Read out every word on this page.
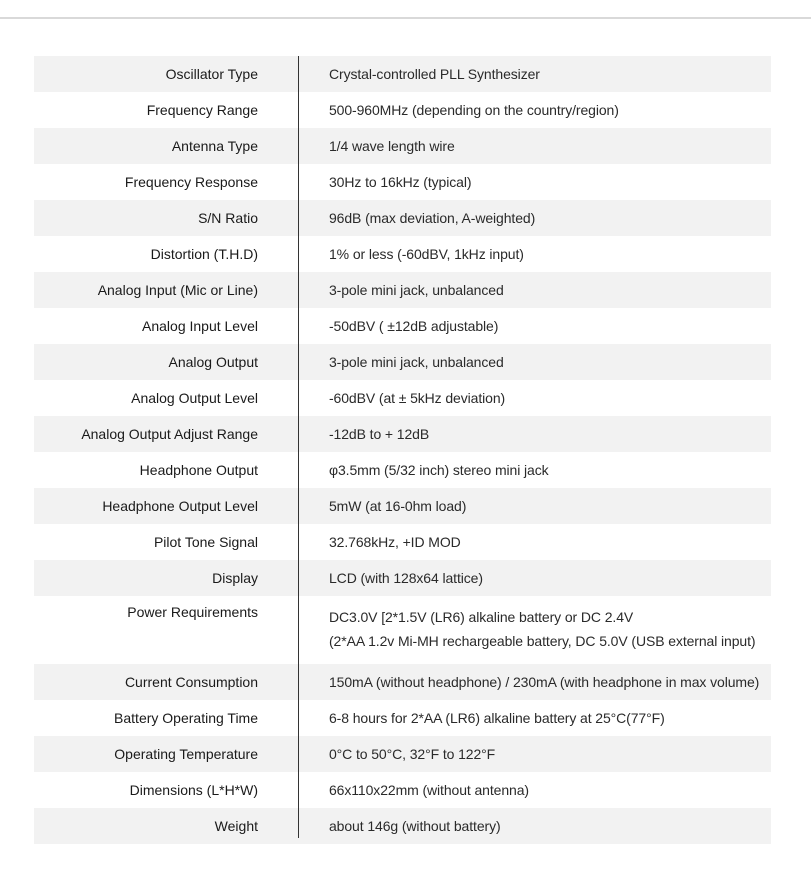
Oscillator Type	Crystal-controlled PLL Synthesizer
Frequency Range	500-960MHz (depending on the country/region)
Antenna Type	1/4 wave length wire
Frequency Response	30Hz to 16kHz (typical)
S/N Ratio	96dB (max deviation, A-weighted)
Distortion (T.H.D)	1% or less (-60dBV, 1kHz input)
Analog Input (Mic or Line)	3-pole mini jack, unbalanced
Analog Input Level	-50dBV ( ±12dB adjustable)
Analog Output	3-pole mini jack, unbalanced
Analog Output Level	-60dBV (at ± 5kHz deviation)
Analog Output Adjust Range	-12dB to + 12dB
Headphone Output	φ3.5mm (5/32 inch) stereo mini jack
Headphone Output Level	5mW (at 16-0hm load)
Pilot Tone Signal	32.768kHz, +ID MOD
Display	LCD (with 128x64 lattice)
Power Requirements	DC3.0V [2*1.5V (LR6) alkaline battery or DC 2.4V
(2*AA 1.2v Mi-MH rechargeable battery, DC 5.0V (USB external input)
Current Consumption	150mA (without headphone) / 230mA (with headphone in max volume)
Battery Operating Time	6-8 hours for 2*AA (LR6) alkaline battery at 25°C(77°F)
Operating Temperature	0°C to 50°C, 32°F to 122°F
Dimensions (L*H*W)	66x110x22mm (without antenna)
Weight	about 146g (without battery)
